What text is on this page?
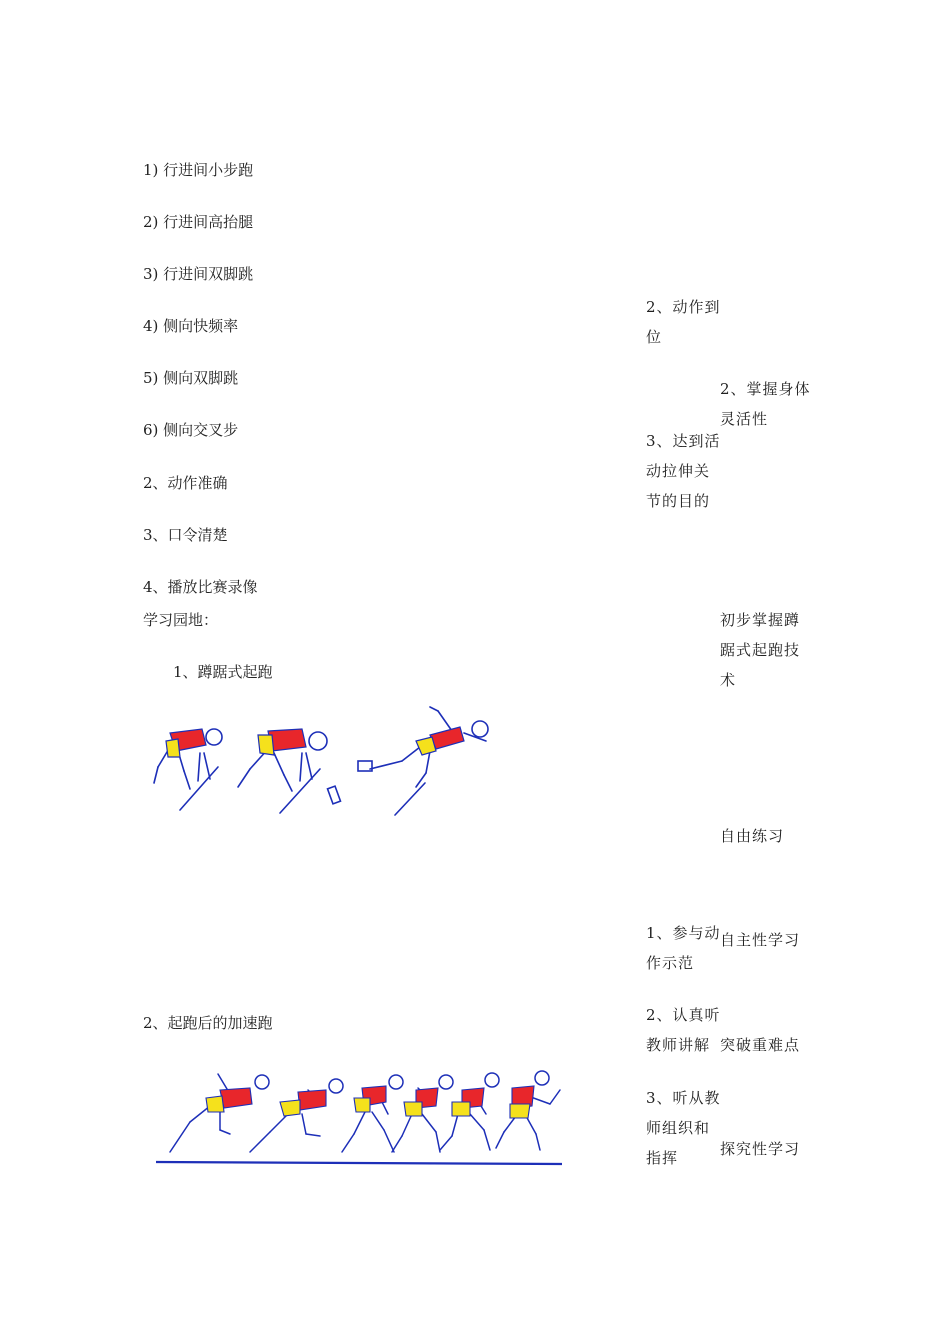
1) 行进间小步跑
2) 行进间高抬腿
3) 行进间双脚跳
4) 侧向快频率
5) 侧向双脚跳
6) 侧向交叉步
2、动作准确
3、口令清楚
4、播放比赛录像
学习园地：
1、蹲踞式起跑
2、起跑后的加速跑
2、动作到
位
3、达到活
动拉伸关
节的目的
1、参与动
作示范
2、认真听
教师讲解
3、听从教
师组织和
指挥
2、掌握身体
灵活性
初步掌握蹲
踞式起跑技
术
自由练习
自主性学习
突破重难点
探究性学习
